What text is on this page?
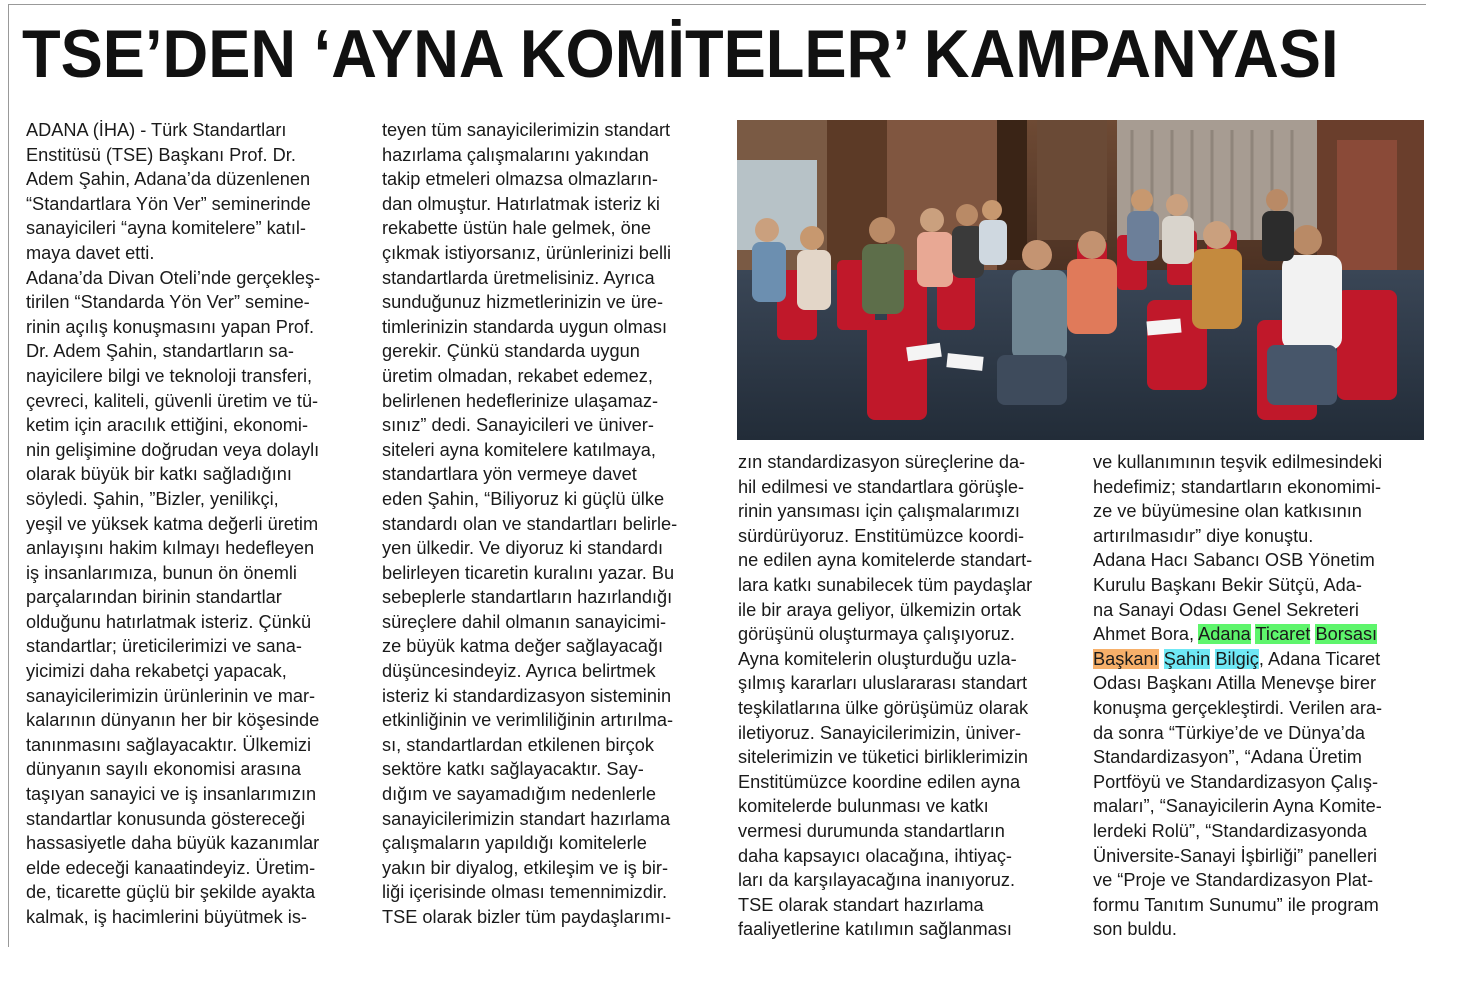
TSE’DEN ‘AYNA KOMİTELER’ KAMPANYASI

ADANA (İHA) - Türk Standartları

Enstitüsü (TSE) Başkanı Prof. Dr.

Adem Şahin, Adana’da düzenlenen

“Standartlara Yön Ver” seminerinde

sanayicileri “ayna komitelere” katıl-

maya davet etti.

Adana’da Divan Oteli’nde gerçekleş-

tirilen “Standarda Yön Ver” semine-

rinin açılış konuşmasını yapan Prof.

Dr. Adem Şahin, standartların sa-

nayicilere bilgi ve teknoloji transferi,

çevreci, kaliteli, güvenli üretim ve tü-

ketim için aracılık ettiğini, ekonomi-

nin gelişimine doğrudan veya dolaylı

olarak büyük bir katkı sağladığını

söyledi. Şahin, ”Bizler, yenilikçi,

yeşil ve yüksek katma değerli üretim

anlayışını hakim kılmayı hedefleyen

iş insanlarımıza, bunun ön önemli

parçalarından birinin standartlar

olduğunu hatırlatmak isteriz. Çünkü

standartlar; üreticilerimizi ve sana-

yicimizi daha rekabetçi yapacak,

sanayicilerimizin ürünlerinin ve mar-

kalarının dünyanın her bir köşesinde

tanınmasını sağlayacaktır. Ülkemizi

dünyanın sayılı ekonomisi arasına

taşıyan sanayici ve iş insanlarımızın

standartlar konusunda göstereceği

hassasiyetle daha büyük kazanımlar

elde edeceği kanaatindeyiz. Üretim-

de, ticarette güçlü bir şekilde ayakta

kalmak, iş hacimlerini büyütmek is-

teyen tüm sanayicilerimizin standart

hazırlama çalışmalarını yakından

takip etmeleri olmazsa olmazların-

dan olmuştur. Hatırlatmak isteriz ki

rekabette üstün hale gelmek, öne

çıkmak istiyorsanız, ürünlerinizi belli

standartlarda üretmelisiniz. Ayrıca

sunduğunuz hizmetlerinizin ve üre-

timlerinizin standarda uygun olması

gerekir. Çünkü standarda uygun

üretim olmadan, rekabet edemez,

belirlenen hedeflerinize ulaşamaz-

sınız” dedi. Sanayicileri ve üniver-

siteleri ayna komitelere katılmaya,

standartlara yön vermeye davet

eden Şahin, “Biliyoruz ki güçlü ülke

standardı olan ve standartları belirle-

yen ülkedir. Ve diyoruz ki standardı

belirleyen ticaretin kuralını yazar. Bu

sebeplerle standartların hazırlandığı

süreçlere dahil olmanın sanayicimi-

ze büyük katma değer sağlayacağı

düşüncesindeyiz. Ayrıca belirtmek

isteriz ki standardizasyon sisteminin

etkinliğinin ve verimliliğinin artırılma-

sı, standartlardan etkilenen birçok

sektöre katkı sağlayacaktır. Say-

dığım ve sayamadığım nedenlerle

sanayicilerimizin standart hazırlama

çalışmaların yapıldığı komitelerle

yakın bir diyalog, etkileşim ve iş bir-

liği içerisinde olması temennimizdir.

TSE olarak bizler tüm paydaşlarımı-

zın standardizasyon süreçlerine da-

hil edilmesi ve standartlara görüşle-

rinin yansıması için çalışmalarımızı

sürdürüyoruz. Enstitümüzce koordi-

ne edilen ayna komitelerde standart-

lara katkı sunabilecek tüm paydaşlar

ile bir araya geliyor, ülkemizin ortak

görüşünü oluşturmaya çalışıyoruz.

Ayna komitelerin oluşturduğu uzla-

şılmış kararları uluslararası standart

teşkilatlarına ülke görüşümüz olarak

iletiyoruz. Sanayicilerimizin, üniver-

sitelerimizin ve tüketici birliklerimizin

Enstitümüzce koordine edilen ayna

komitelerde bulunması ve katkı

vermesi durumunda standartların

daha kapsayıcı olacağına, ihtiyaç-

ları da karşılayacağına inanıyoruz.

TSE olarak standart hazırlama

faaliyetlerine katılımın sağlanması

ve kullanımının teşvik edilmesindeki

hedefimiz; standartların ekonomimi-

ze ve büyümesine olan katkısının

artırılmasıdır” diye konuştu.

Adana Hacı Sabancı OSB Yönetim

Kurulu Başkanı Bekir Sütçü, Ada-

na Sanayi Odası Genel Sekreteri

Ahmet Bora, Adana Ticaret Borsası

Başkanı Şahin Bilgiç, Adana Ticaret

Odası Başkanı Atilla Menevşe birer

konuşma gerçekleştirdi. Verilen ara-

da sonra “Türkiye’de ve Dünya’da

Standardizasyon”, “Adana Üretim

Portföyü ve Standardizasyon Çalış-

maları”, “Sanayicilerin Ayna Komite-

lerdeki Rolü”, “Standardizasyonda

Üniversite-Sanayi İşbirliği” panelleri

ve “Proje ve Standardizasyon Plat-

formu Tanıtım Sunumu” ile program

son buldu.
